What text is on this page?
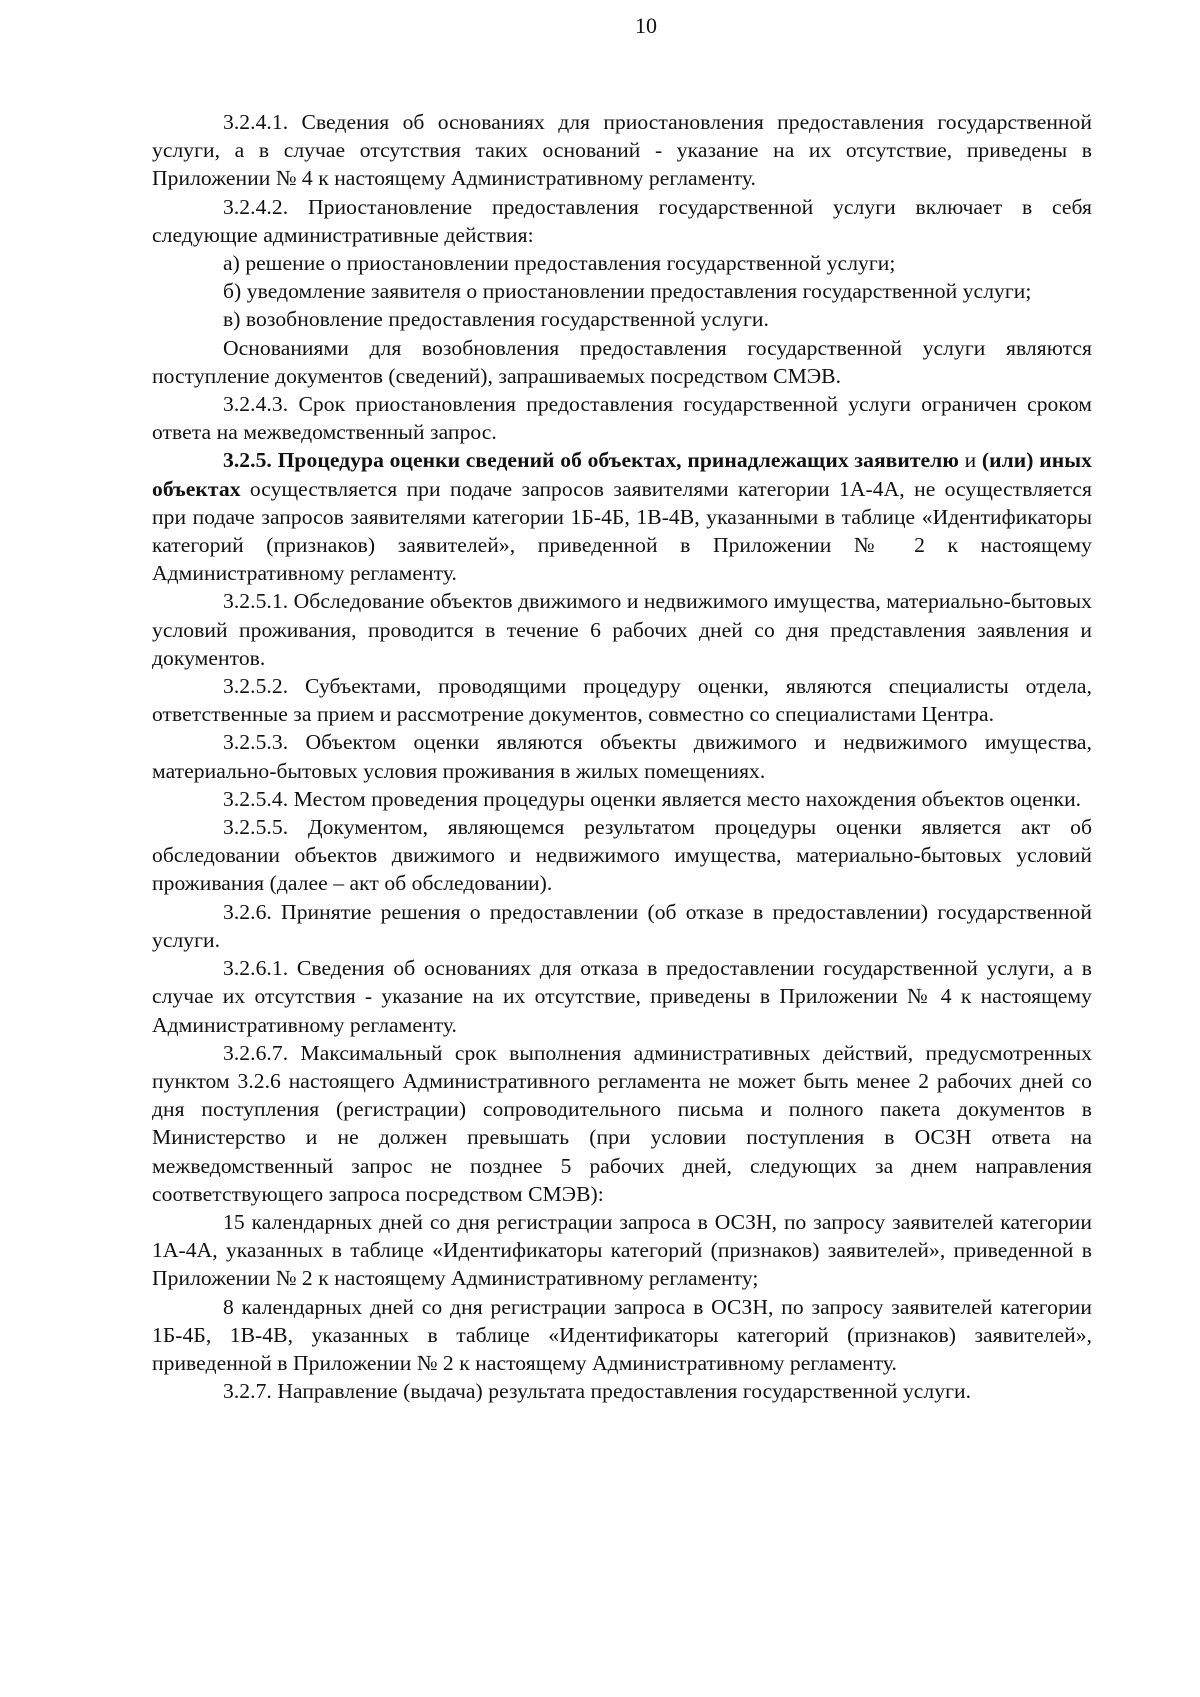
10

3.2.4.1. Сведения об основаниях для приостановления предоставления государственной услуги, а в случае отсутствия таких оснований - указание на их отсутствие, приведены в Приложении № 4 к настоящему Административному регламенту.

3.2.4.2. Приостановление предоставления государственной услуги включает в себя следующие административные действия:

а) решение о приостановлении предоставления государственной услуги;

б) уведомление заявителя о приостановлении предоставления государственной услуги;

в) возобновление предоставления государственной услуги.

Основаниями для возобновления предоставления государственной услуги являются поступление документов (сведений), запрашиваемых посредством СМЭВ.

3.2.4.3. Срок приостановления предоставления государственной услуги ограничен сроком ответа на межведомственный запрос.

3.2.5. Процедура оценки сведений об объектах, принадлежащих заявителю и (или) иных объектах осуществляется при подаче запросов заявителями категории 1А-4А, не осуществляется при подаче запросов заявителями категории 1Б-4Б, 1В-4В, указанными в таблице «Идентификаторы категорий (признаков) заявителей», приведенной в Приложении № 2 к настоящему Административному регламенту.

3.2.5.1. Обследование объектов движимого и недвижимого имущества, материально-бытовых условий проживания, проводится в течение 6 рабочих дней со дня представления заявления и документов.

3.2.5.2. Субъектами, проводящими процедуру оценки, являются специалисты отдела, ответственные за прием и рассмотрение документов, совместно со специалистами Центра.

3.2.5.3. Объектом оценки являются объекты движимого и недвижимого имущества, материально-бытовых условия проживания в жилых помещениях.

3.2.5.4. Местом проведения процедуры оценки является место нахождения объектов оценки.

3.2.5.5. Документом, являющемся результатом процедуры оценки является акт об обследовании объектов движимого и недвижимого имущества, материально-бытовых условий проживания (далее – акт об обследовании).

3.2.6. Принятие решения о предоставлении (об отказе в предоставлении) государственной услуги.

3.2.6.1. Сведения об основаниях для отказа в предоставлении государственной услуги, а в случае их отсутствия - указание на их отсутствие, приведены в Приложении № 4 к настоящему Административному регламенту.

3.2.6.7. Максимальный срок выполнения административных действий, предусмотренных пунктом 3.2.6 настоящего Административного регламента не может быть менее 2 рабочих дней со дня поступления (регистрации) сопроводительного письма и полного пакета документов в Министерство и не должен превышать (при условии поступления в ОСЗН ответа на межведомственный запрос не позднее 5 рабочих дней, следующих за днем направления соответствующего запроса посредством СМЭВ):

15 календарных дней со дня регистрации запроса в ОСЗН, по запросу заявителей категории 1А-4А, указанных в таблице «Идентификаторы категорий (признаков) заявителей», приведенной в Приложении № 2 к настоящему Административному регламенту;

8 календарных дней со дня регистрации запроса в ОСЗН, по запросу заявителей категории 1Б-4Б, 1В-4В, указанных в таблице «Идентификаторы категорий (признаков) заявителей», приведенной в Приложении № 2 к настоящему Административному регламенту.

3.2.7. Направление (выдача) результата предоставления государственной услуги.
